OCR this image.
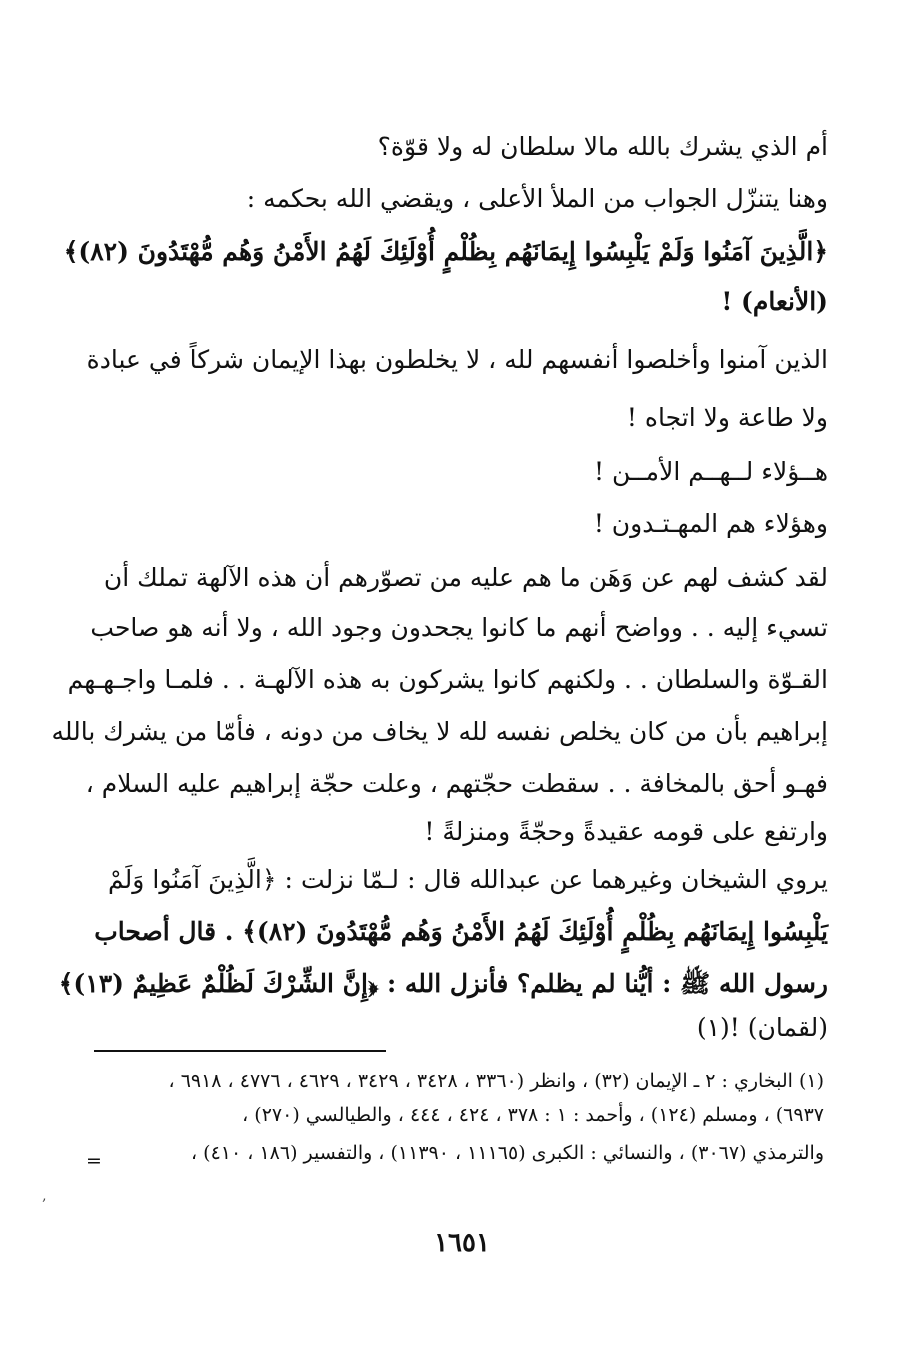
أم الذي يشرك بالله مالا سلطان له ولا قوّة؟
وهنا يتنزّل الجواب من الملأ الأعلى ، ويقضي الله بحكمه :
﴿الَّذِينَ آمَنُوا وَلَمْ يَلْبِسُوا إِيمَانَهُم بِظُلْمٍ أُوْلَئِكَ لَهُمُ الأَمْنُ وَهُم مُّهْتَدُونَ (٨٢)﴾
(الأنعام) !
الذين آمنوا وأخلصوا أنفسهم لله ، لا يخلطون بهذا الإيمان شركاً في عبادة
ولا طاعة ولا اتجاه !
هــؤلاء لــهــم الأمــن !
وهؤلاء هم المهـتـدون !
لقد كشف لهم عن وَهَن ما هم عليه من تصوّرهم أن هذه الآلهة تملك أن
تسيء إليه . . وواضح أنهم ما كانوا يجحدون وجود الله ، ولا أنه هو صاحب
القـوّة والسلطان . . ولكنهم كانوا يشركون به هذه الآلهـة . . فلمـا واجـهـهم
إبراهيم بأن من كان يخلص نفسه لله لا يخاف من دونه ، فأمّا من يشرك بالله
فهـو أحق بالمخافة . . سقطت حجّتهم ، وعلت حجّة إبراهيم عليه السلام ،
وارتفع على قومه عقيدةً وحجّةً ومنزلةً !
يروي الشيخان وغيرهما عن عبدالله قال : لـمّا نزلت : ﴿الَّذِينَ آمَنُوا وَلَمْ
يَلْبِسُوا إِيمَانَهُم بِظُلْمٍ أُوْلَئِكَ لَهُمُ الأَمْنُ وَهُم مُّهْتَدُونَ (٨٢)﴾ . قال أصحاب
رسول الله ﷺ : أيُّنا لم يظلم؟ فأنزل الله : ﴿إِنَّ الشِّرْكَ لَظُلْمٌ عَظِيمٌ (١٣)﴾
(لقمان) !(١)
(١) البخاري : ٢ ـ الإيمان (٣٢) ، وانظر (٣٣٦٠ ، ٣٤٢٨ ، ٣٤٢٩ ، ٤٦٢٩ ، ٤٧٧٦ ، ٦٩١٨ ،
٦٩٣٧) ، ومسلم (١٢٤) ، وأحمد : ١ : ٣٧٨ ، ٤٢٤ ، ٤٤٤ ، والطيالسي (٢٧٠) ،
والترمذي (٣٠٦٧) ، والنسائي : الكبرى (١١١٦٥ ، ١١٣٩٠) ، والتفسير (١٨٦ ، ٤١٠) ،
=
‚
١٦٥١
